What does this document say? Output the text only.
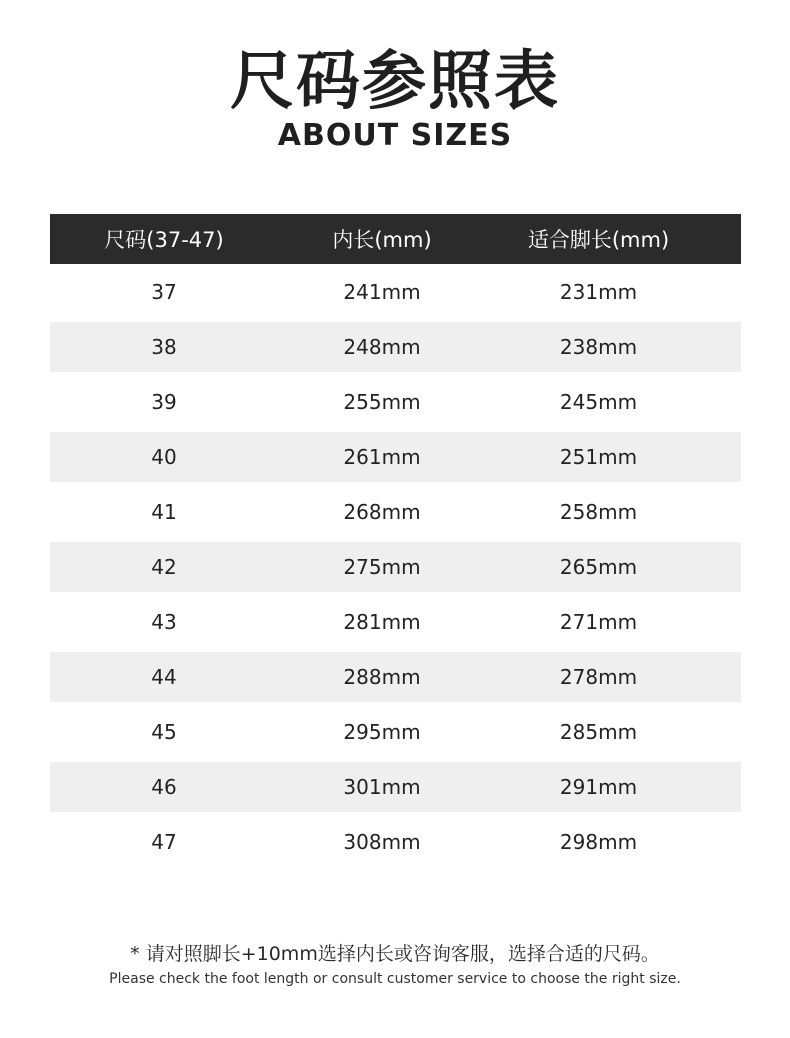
尺码参照表
ABOUT SIZES
尺码(37-47)	内长(mm)	适合脚长(mm)
37	241mm	231mm
38	248mm	238mm
39	255mm	245mm
40	261mm	251mm
41	268mm	258mm
42	275mm	265mm
43	281mm	271mm
44	288mm	278mm
45	295mm	285mm
46	301mm	291mm
47	308mm	298mm
* 请对照脚长+10mm选择内长或咨询客服，选择合适的尺码。
Please check the foot length or consult customer service to choose the right size.
